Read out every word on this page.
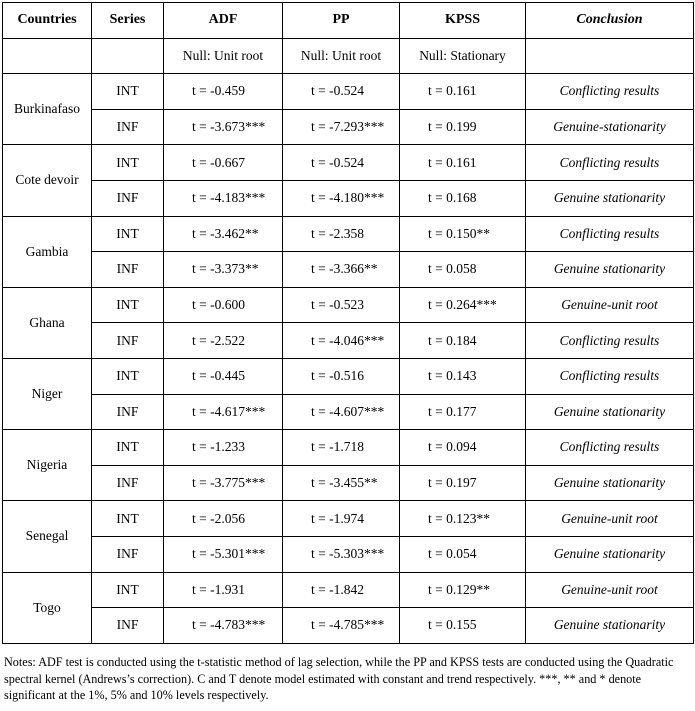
Countries	Series	ADF	PP	KPSS	Conclusion
		Null: Unit root	Null: Unit root	Null: Stationary	
Burkinafaso	INT	t = -0.459	t = -0.524	t = 0.161	Conflicting results
	INF	t = -3.673***	t = -7.293***	t = 0.199	Genuine-stationarity
Cote devoir	INT	t = -0.667	t = -0.524	t = 0.161	Conflicting results
	INF	t = -4.183***	t = -4.180***	t = 0.168	Genuine stationarity
Gambia	INT	t = -3.462**	t = -2.358	t = 0.150**	Conflicting results
	INF	t = -3.373**	t = -3.366**	t = 0.058	Genuine stationarity
Ghana	INT	t = -0.600	t = -0.523	t = 0.264***	Genuine-unit root
	INF	t = -2.522	t = -4.046***	t = 0.184	Conflicting results
Niger	INT	t = -0.445	t = -0.516	t = 0.143	Conflicting results
	INF	t = -4.617***	t = -4.607***	t = 0.177	Genuine stationarity
Nigeria	INT	t = -1.233	t = -1.718	t = 0.094	Conflicting results
	INF	t = -3.775***	t = -3.455**	t = 0.197	Genuine stationarity
Senegal	INT	t = -2.056	t = -1.974	t = 0.123**	Genuine-unit root
	INF	t = -5.301***	t = -5.303***	t = 0.054	Genuine stationarity
Togo	INT	t = -1.931	t = -1.842	t = 0.129**	Genuine-unit root
	INF	t = -4.783***	t = -4.785***	t = 0.155	Genuine stationarity
Notes: ADF test is conducted using the t-statistic method of lag selection, while the PP and KPSS tests are conducted using the Quadratic spectral kernel (Andrews’s correction). C and T denote model estimated with constant and trend respectively. ***, ** and * denote significant at the 1%, 5% and 10% levels respectively.
